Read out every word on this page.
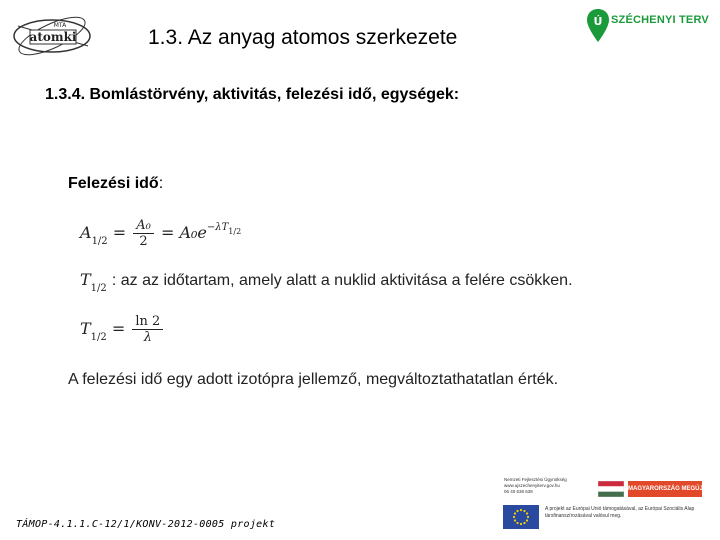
atomki
MTA
1.3. Az anyag atomos szerkezete
Ú SZÉCHENYI TERV
1.3.4. Bomlástörvény, aktivitás, felezési idő, egységek:
Felezési idő:
$A1/2 = \frac{\text{A₀}}{2} = A_0e^{-\lambda T1/2}$
T1/2 : az az időtartam, amely alatt a nuklid aktivitása a felére csökken.
$T1/2 = \frac{\ln 2}{\lambda}$
A felezési idő egy adott izotópra jellemző, megváltoztathatatlan érték.
TÁMOP-4.1.1.C-12/1/KONV-2012-0005 projekt
Nemzeti Fejlesztési Ügynökség
www.ujszechenyiterv.gov.hu
06 40 638 638	MAGYARORSZÁG MEGÚJUL
A projekt az Európai Unió támogatásával, az Európai Szociális Alap társfinanszírozásával valósul meg.
